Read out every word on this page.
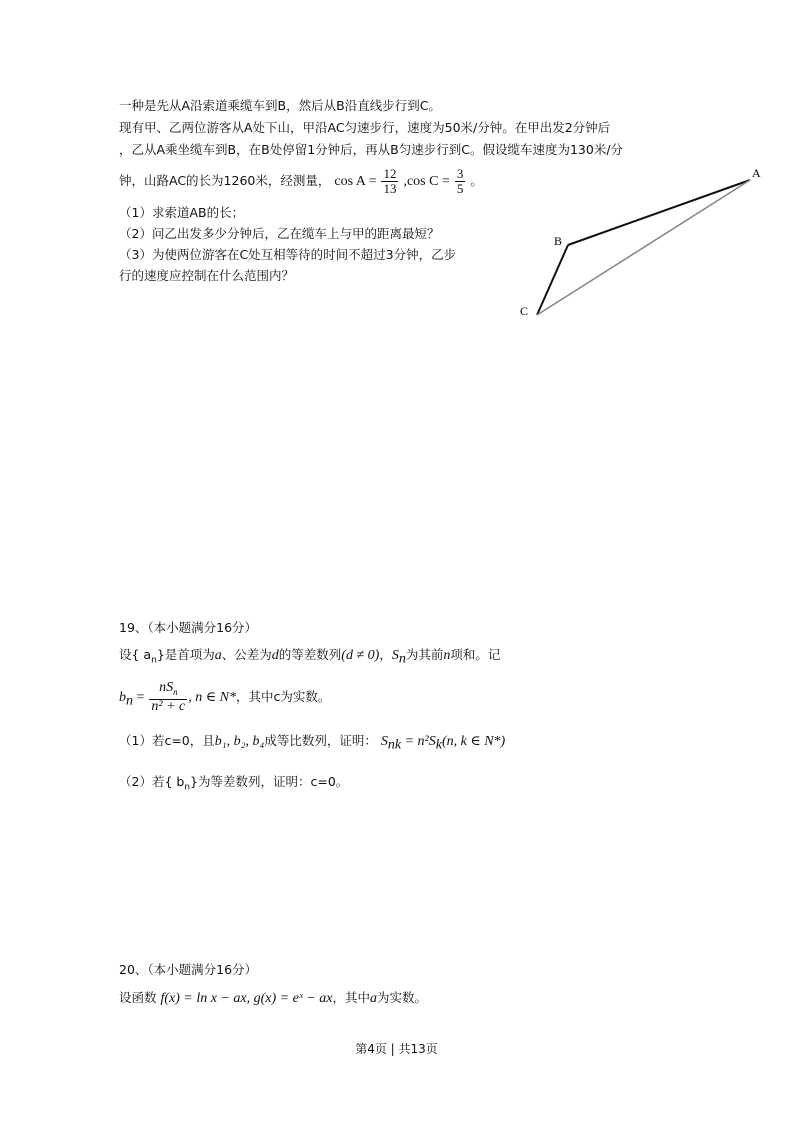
一种是先从A沿索道乘缆车到B，然后从B沿直线步行到C。
现有甲、乙两位游客从A处下山，甲沿AC匀速步行，速度为50米/分钟。在甲出发2分钟后
，乙从A乘坐缆车到B，在B处停留1分钟后，再从B匀速步行到C。假设缆车速度为130米/分
钟，山路AC的长为1260米，经测量， $\cos A = \frac{12}{13} ,\cos$ $C = \frac{3}{5}$ 。
（1）求索道AB的长；
（2）问乙出发多少分钟后，乙在缆车上与甲的距离最短？
（3）为使两位游客在C处互相等待的时间不超过3分钟，乙步
行的速度应控制在什么范围内？
A
B
C
19、（本小题满分16分）
设{ $a_n$}是首项为a、公差为d的等差数列(d ≠ 0)，$S_n$为其前n项和。记
$b_n = \frac{nS_n}{\text{n² + c}}$ , n ∈ N*，其中c为实数。
（1）若c=0，且b₁, b₂, b₄成等比数列，证明： $S_{nk} = n^2S_k(n$, k ∈ N*)
（2）若{ $b_n$}为等差数列，证明：c=0。
20、（本小题满分16分）
设函数 f(x) = ln x − ax, g(x) = eˣ − ax，其中a为实数。
第4页 | 共13页
